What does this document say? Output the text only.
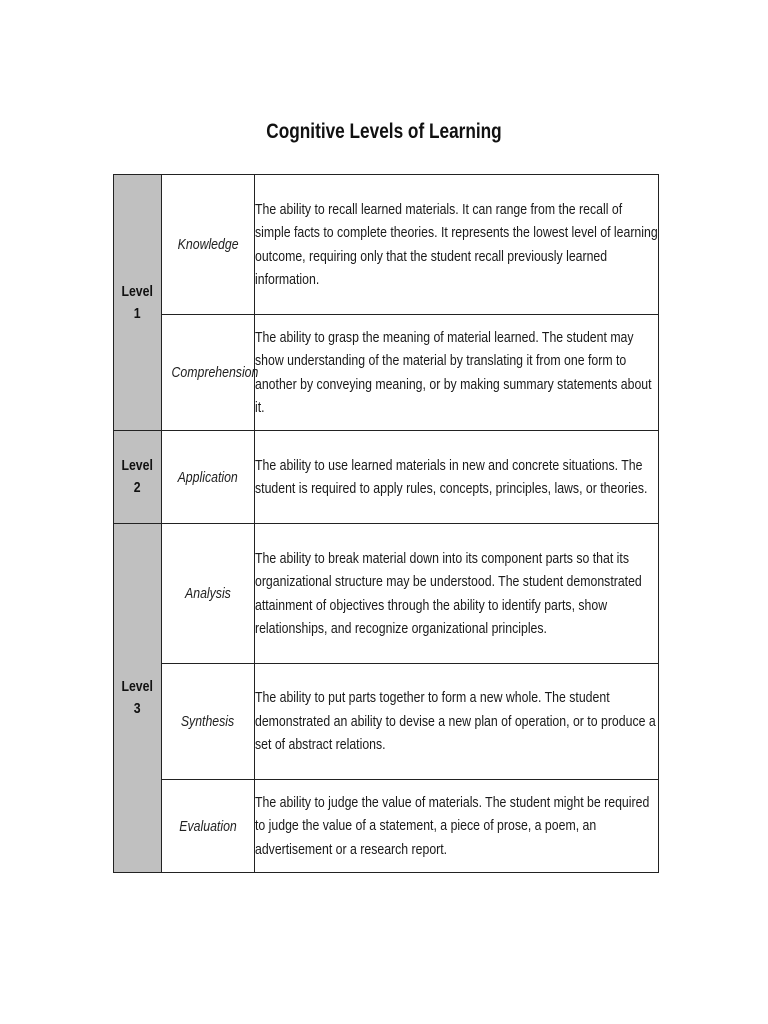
Cognitive Levels of Learning
Level
1	Knowledge	The ability to recall learned materials. It can range from the recall of simple facts to complete theories. It represents the lowest level of learning outcome, requiring only that the student recall previously learned information.

	Comprehension	The ability to grasp the meaning of material learned. The student may show understanding of the material by translating it from one form to another by conveying meaning, or by making summary statements about it.

Level
2	Application	The ability to use learned materials in new and concrete situations. The student is required to apply rules, concepts, principles, laws, or theories.

Level
3	Analysis	The ability to break material down into its component parts so that its organizational structure may be understood. The student demonstrated attainment of objectives through the ability to identify parts, show relationships, and recognize organizational principles.

	Synthesis	The ability to put parts together to form a new whole. The student demonstrated an ability to devise a new plan of operation, or to produce a set of abstract relations.

	Evaluation	The ability to judge the value of materials. The student might be required to judge the value of a statement, a piece of prose, a poem, an advertisement or a research report.
